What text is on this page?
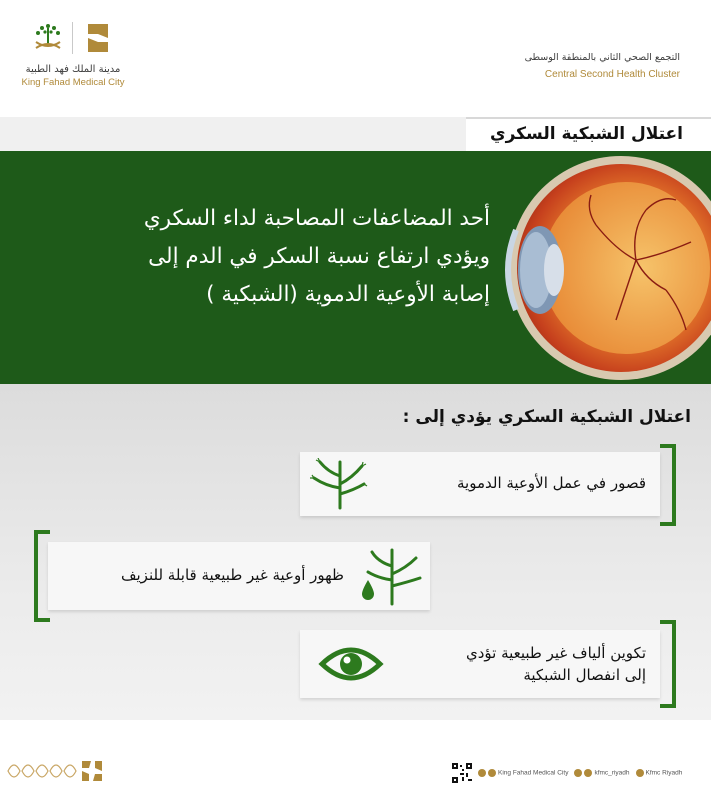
مدينة الملك فهد الطبية
King Fahad Medical City
التجمع الصحي الثاني بالمنطقة الوسطى
Central Second Health Cluster
اعتلال الشبكية السكري
أحد المضاعفات المصاحبة لداء السكري
ويؤدي ارتفاع نسبة السكر في الدم إلى
إصابة الأوعية الدموية (الشبكية )
اعتلال الشبكية السكري يؤدي إلى :
قصور في عمل الأوعية الدموية
ظهور أوعية غير طبيعية قابلة للنزيف
تكوين ألياف غير طبيعية تؤدي
إلى انفصال الشبكية
King Fahad Medical City	kfmc_riyadh	Kfmc Riyadh
